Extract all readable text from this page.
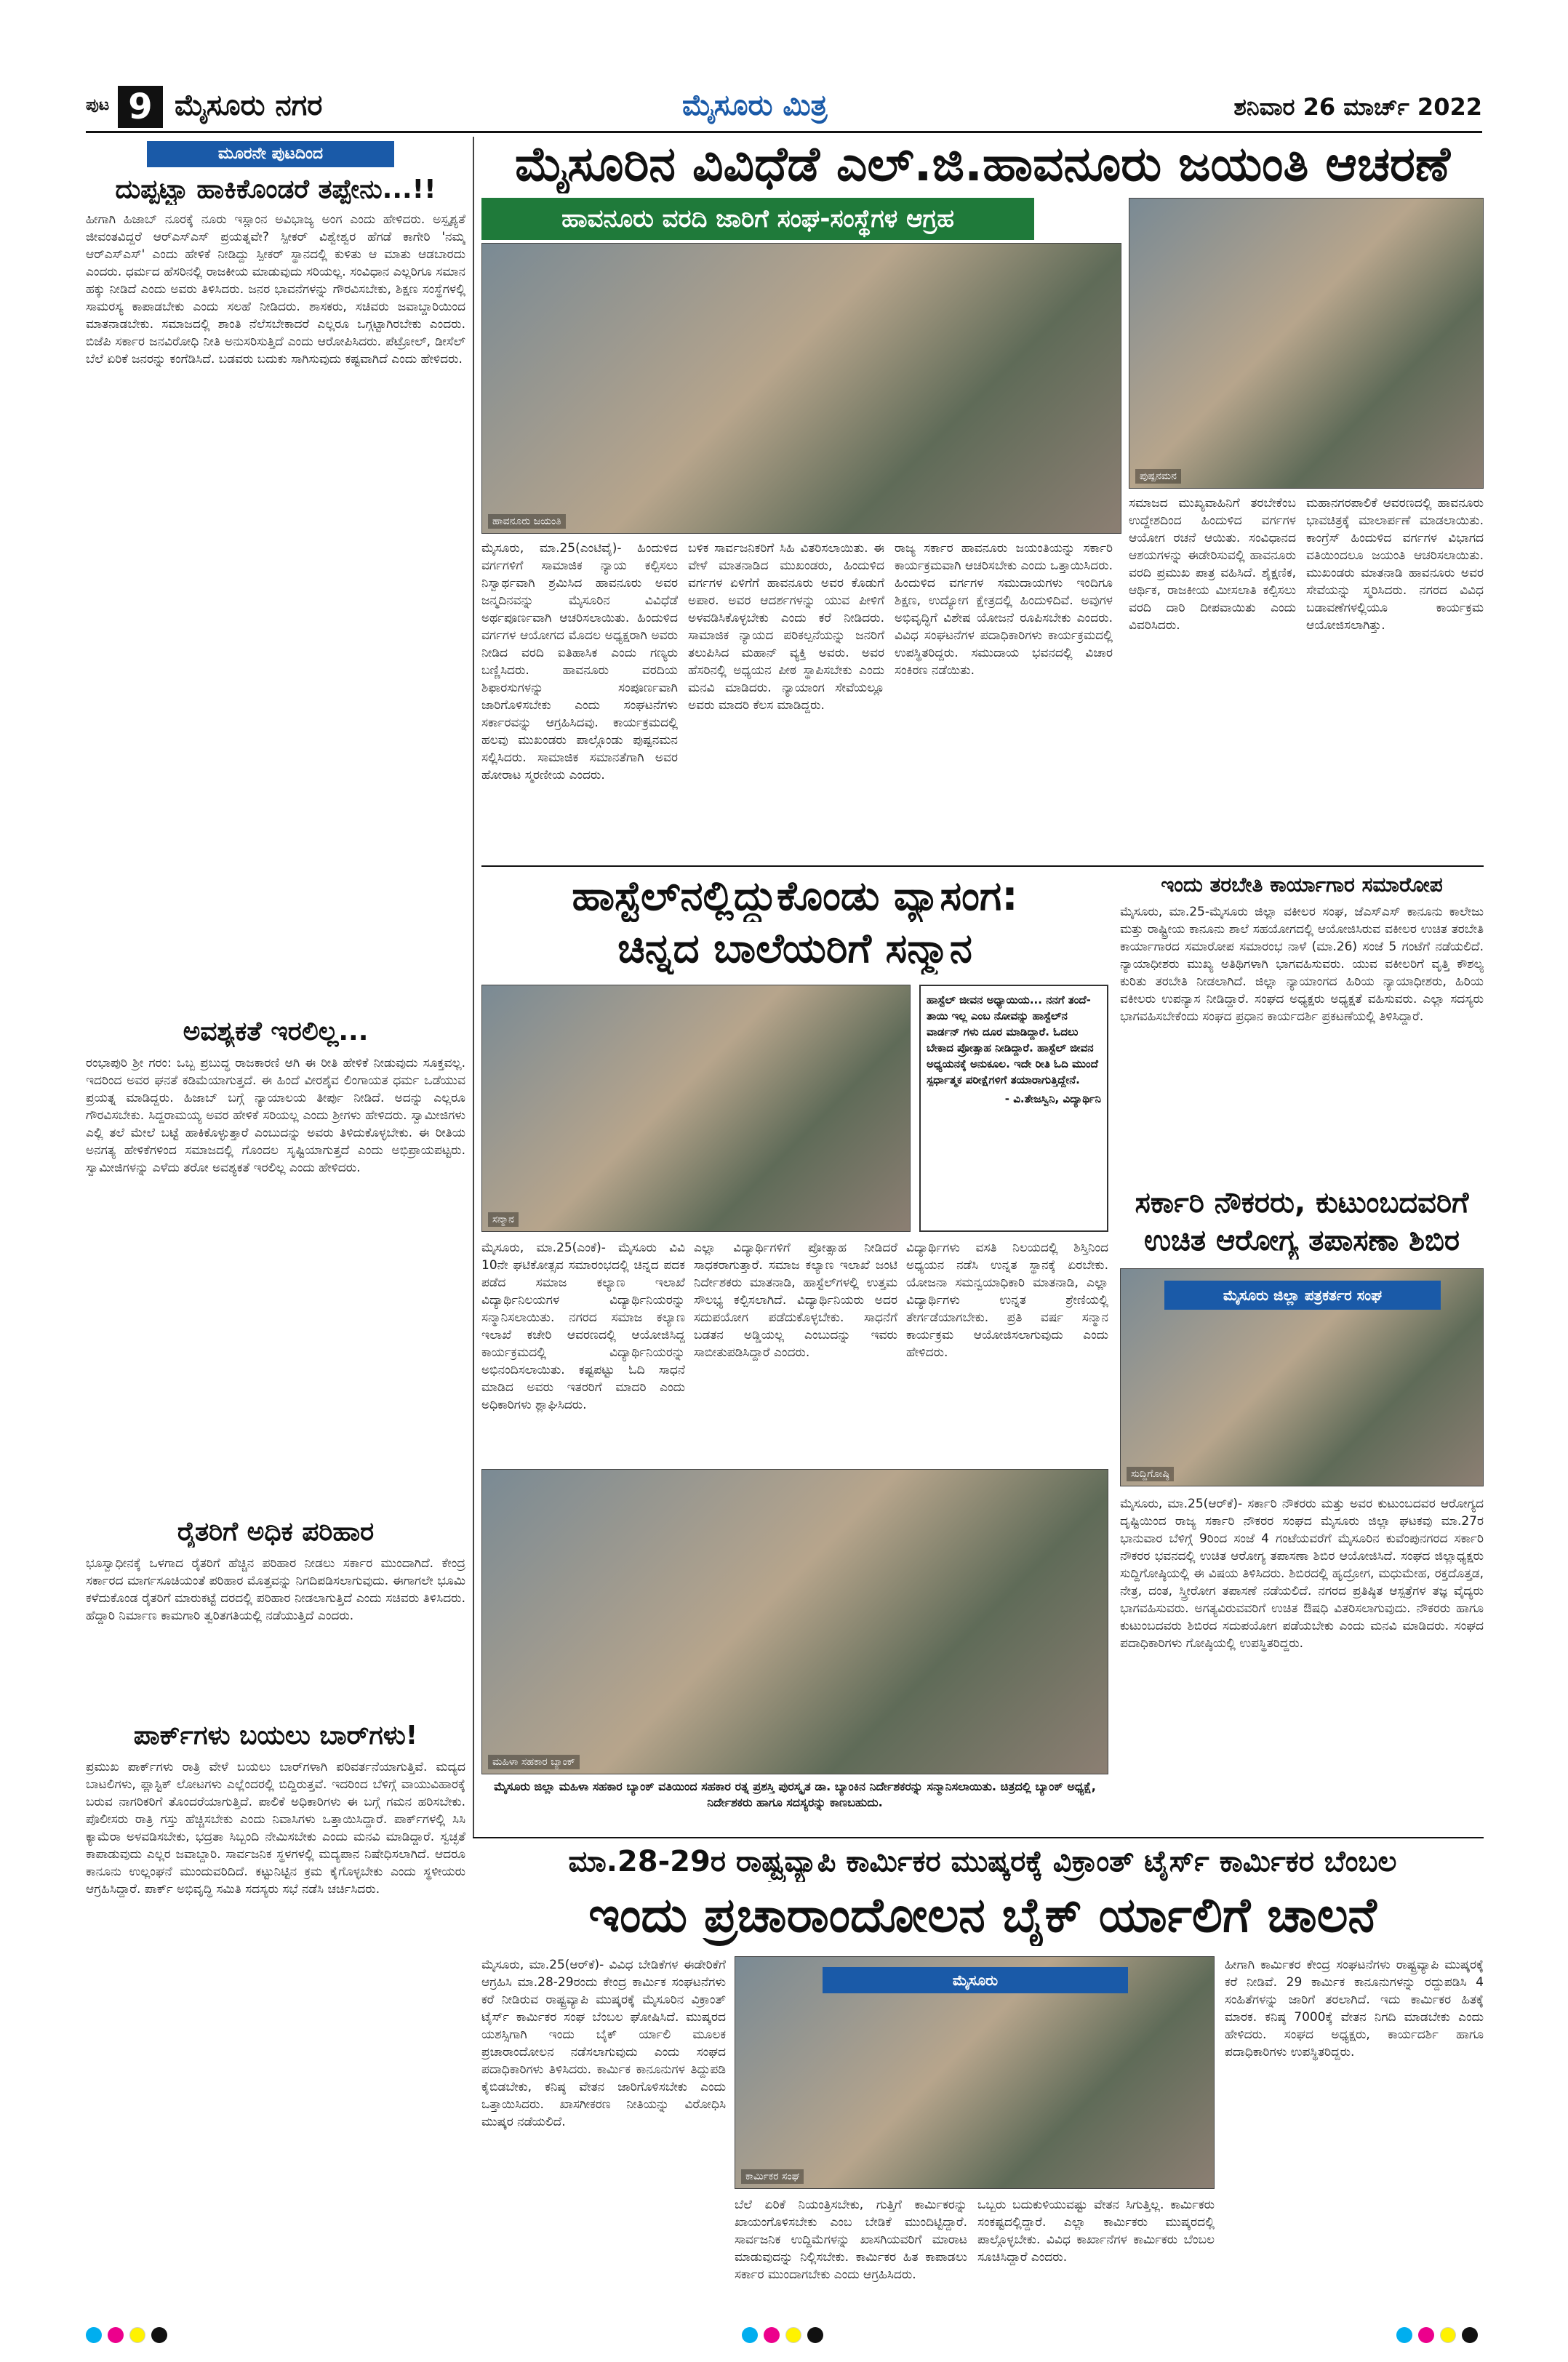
ಪುಟ 9 ಮೈಸೂರು ನಗರ	ಮೈಸೂರು ಮಿತ್ರ	ಶನಿವಾರ 26 ಮಾರ್ಚ್ 2022
ಮೂರನೇ ಪುಟದಿಂದ
ದುಪ್ಪಟ್ಟಾ ಹಾಕಿಕೊಂಡರೆ ತಪ್ಪೇನು...!!
ಹೀಗಾಗಿ ಹಿಜಾಬ್ ನೂರಕ್ಕೆ ನೂರು ಇಸ್ಲಾಂನ ಅವಿಭಾಜ್ಯ ಅಂಗ ಎಂದು ಹೇಳಿದರು. ಅಸ್ಪೃಶ್ಯತೆ ಜೀವಂತವಿದ್ದರೆ ಆರ್‌ಎಸ್‌ಎಸ್ ಪ್ರಯತ್ನವೇ? ಸ್ಪೀಕರ್ ವಿಶ್ವೇಶ್ವರ ಹೆಗಡೆ ಕಾಗೇರಿ 'ನಮ್ಮ ಆರ್‌ಎಸ್‌ಎಸ್' ಎಂದು ಹೇಳಿಕೆ ನೀಡಿದ್ದು ಸ್ಪೀಕರ್ ಸ್ಥಾನದಲ್ಲಿ ಕುಳಿತು ಆ ಮಾತು ಆಡಬಾರದು ಎಂದರು. ಧರ್ಮದ ಹೆಸರಿನಲ್ಲಿ ರಾಜಕೀಯ ಮಾಡುವುದು ಸರಿಯಲ್ಲ. ಸಂವಿಧಾನ ಎಲ್ಲರಿಗೂ ಸಮಾನ ಹಕ್ಕು ನೀಡಿದೆ ಎಂದು ಅವರು ತಿಳಿಸಿದರು. ಜನರ ಭಾವನೆಗಳನ್ನು ಗೌರವಿಸಬೇಕು, ಶಿಕ್ಷಣ ಸಂಸ್ಥೆಗಳಲ್ಲಿ ಸಾಮರಸ್ಯ ಕಾಪಾಡಬೇಕು ಎಂದು ಸಲಹೆ ನೀಡಿದರು. ಶಾಸಕರು, ಸಚಿವರು ಜವಾಬ್ದಾರಿಯಿಂದ ಮಾತನಾಡಬೇಕು. ಸಮಾಜದಲ್ಲಿ ಶಾಂತಿ ನೆಲೆಸಬೇಕಾದರೆ ಎಲ್ಲರೂ ಒಗ್ಗಟ್ಟಾಗಿರಬೇಕು ಎಂದರು. ಬಿಜೆಪಿ ಸರ್ಕಾರ ಜನವಿರೋಧಿ ನೀತಿ ಅನುಸರಿಸುತ್ತಿದೆ ಎಂದು ಆರೋಪಿಸಿದರು. ಪೆಟ್ರೋಲ್, ಡೀಸೆಲ್ ಬೆಲೆ ಏರಿಕೆ ಜನರನ್ನು ಕಂಗೆಡಿಸಿದೆ. ಬಡವರು ಬದುಕು ಸಾಗಿಸುವುದು ಕಷ್ಟವಾಗಿದೆ ಎಂದು ಹೇಳಿದರು.
ಅವಶ್ಯಕತೆ ಇರಲಿಲ್ಲ...
ರಂಭಾಪುರಿ ಶ್ರೀ ಗರಂ: ಒಬ್ಬ ಪ್ರಬುದ್ಧ ರಾಜಕಾರಣಿ ಆಗಿ ಈ ರೀತಿ ಹೇಳಿಕೆ ನೀಡುವುದು ಸೂಕ್ತವಲ್ಲ. ಇದರಿಂದ ಅವರ ಘನತೆ ಕಡಿಮೆಯಾಗುತ್ತದೆ. ಈ ಹಿಂದೆ ವೀರಶೈವ ಲಿಂಗಾಯತ ಧರ್ಮ ಒಡೆಯುವ ಪ್ರಯತ್ನ ಮಾಡಿದ್ದರು. ಹಿಜಾಬ್ ಬಗ್ಗೆ ನ್ಯಾಯಾಲಯ ತೀರ್ಪು ನೀಡಿದೆ. ಅದನ್ನು ಎಲ್ಲರೂ ಗೌರವಿಸಬೇಕು. ಸಿದ್ದರಾಮಯ್ಯ ಅವರ ಹೇಳಿಕೆ ಸರಿಯಲ್ಲ ಎಂದು ಶ್ರೀಗಳು ಹೇಳಿದರು. ಸ್ವಾಮೀಜಿಗಳು ಎಲ್ಲಿ ತಲೆ ಮೇಲೆ ಬಟ್ಟೆ ಹಾಕಿಕೊಳ್ಳುತ್ತಾರೆ ಎಂಬುದನ್ನು ಅವರು ತಿಳಿದುಕೊಳ್ಳಬೇಕು. ಈ ರೀತಿಯ ಅನಗತ್ಯ ಹೇಳಿಕೆಗಳಿಂದ ಸಮಾಜದಲ್ಲಿ ಗೊಂದಲ ಸೃಷ್ಟಿಯಾಗುತ್ತದೆ ಎಂದು ಅಭಿಪ್ರಾಯಪಟ್ಟರು. ಸ್ವಾಮೀಜಿಗಳನ್ನು ಎಳೆದು ತರೋ ಅವಶ್ಯಕತೆ ಇರಲಿಲ್ಲ ಎಂದು ಹೇಳಿದರು.
ರೈತರಿಗೆ ಅಧಿಕ ಪರಿಹಾರ
ಭೂಸ್ವಾಧೀನಕ್ಕೆ ಒಳಗಾದ ರೈತರಿಗೆ ಹೆಚ್ಚಿನ ಪರಿಹಾರ ನೀಡಲು ಸರ್ಕಾರ ಮುಂದಾಗಿದೆ. ಕೇಂದ್ರ ಸರ್ಕಾರದ ಮಾರ್ಗಸೂಚಿಯಂತೆ ಪರಿಹಾರ ಮೊತ್ತವನ್ನು ನಿಗದಿಪಡಿಸಲಾಗುವುದು. ಈಗಾಗಲೇ ಭೂಮಿ ಕಳೆದುಕೊಂಡ ರೈತರಿಗೆ ಮಾರುಕಟ್ಟೆ ದರದಲ್ಲಿ ಪರಿಹಾರ ನೀಡಲಾಗುತ್ತಿದೆ ಎಂದು ಸಚಿವರು ತಿಳಿಸಿದರು. ಹೆದ್ದಾರಿ ನಿರ್ಮಾಣ ಕಾಮಗಾರಿ ತ್ವರಿತಗತಿಯಲ್ಲಿ ನಡೆಯುತ್ತಿದೆ ಎಂದರು.
ಪಾರ್ಕ್‌ಗಳು ಬಯಲು ಬಾರ್‌ಗಳು!
ಪ್ರಮುಖ ಪಾರ್ಕ್‌ಗಳು ರಾತ್ರಿ ವೇಳೆ ಬಯಲು ಬಾರ್‌ಗಳಾಗಿ ಪರಿವರ್ತನೆಯಾಗುತ್ತಿವೆ. ಮದ್ಯದ ಬಾಟಲಿಗಳು, ಪ್ಲಾಸ್ಟಿಕ್ ಲೋಟಗಳು ಎಲ್ಲೆಂದರಲ್ಲಿ ಬಿದ್ದಿರುತ್ತವೆ. ಇದರಿಂದ ಬೆಳಿಗ್ಗೆ ವಾಯುವಿಹಾರಕ್ಕೆ ಬರುವ ನಾಗರಿಕರಿಗೆ ತೊಂದರೆಯಾಗುತ್ತಿದೆ. ಪಾಲಿಕೆ ಅಧಿಕಾರಿಗಳು ಈ ಬಗ್ಗೆ ಗಮನ ಹರಿಸಬೇಕು. ಪೊಲೀಸರು ರಾತ್ರಿ ಗಸ್ತು ಹೆಚ್ಚಿಸಬೇಕು ಎಂದು ನಿವಾಸಿಗಳು ಒತ್ತಾಯಿಸಿದ್ದಾರೆ. ಪಾರ್ಕ್‌ಗಳಲ್ಲಿ ಸಿಸಿ ಕ್ಯಾಮೆರಾ ಅಳವಡಿಸಬೇಕು, ಭದ್ರತಾ ಸಿಬ್ಬಂದಿ ನೇಮಿಸಬೇಕು ಎಂದು ಮನವಿ ಮಾಡಿದ್ದಾರೆ. ಸ್ವಚ್ಛತೆ ಕಾಪಾಡುವುದು ಎಲ್ಲರ ಜವಾಬ್ದಾರಿ. ಸಾರ್ವಜನಿಕ ಸ್ಥಳಗಳಲ್ಲಿ ಮದ್ಯಪಾನ ನಿಷೇಧಿಸಲಾಗಿದೆ. ಆದರೂ ಕಾನೂನು ಉಲ್ಲಂಘನೆ ಮುಂದುವರಿದಿದೆ. ಕಟ್ಟುನಿಟ್ಟಿನ ಕ್ರಮ ಕೈಗೊಳ್ಳಬೇಕು ಎಂದು ಸ್ಥಳೀಯರು ಆಗ್ರಹಿಸಿದ್ದಾರೆ. ಪಾರ್ಕ್ ಅಭಿವೃದ್ಧಿ ಸಮಿತಿ ಸದಸ್ಯರು ಸಭೆ ನಡೆಸಿ ಚರ್ಚಿಸಿದರು.
ಮೈಸೂರಿನ ವಿವಿಧೆಡೆ ಎಲ್.ಜಿ.ಹಾವನೂರು ಜಯಂತಿ ಆಚರಣೆ
ಹಾವನೂರು ವರದಿ ಜಾರಿಗೆ ಸಂಘ-ಸಂಸ್ಥೆಗಳ ಆಗ್ರಹ
ಹಾವನೂರು ಜಯಂತಿ
ಪುಷ್ಪನಮನ
ಮೈಸೂರು, ಮಾ.25(ಎಂಟಿವೈ)- ಹಿಂದುಳಿದ ವರ್ಗಗಳಿಗೆ ಸಾಮಾಜಿಕ ನ್ಯಾಯ ಕಲ್ಪಿಸಲು ನಿಸ್ವಾರ್ಥವಾಗಿ ಶ್ರಮಿಸಿದ ಹಾವನೂರು ಅವರ ಜನ್ಮದಿನವನ್ನು ಮೈಸೂರಿನ ವಿವಿಧೆಡೆ ಅರ್ಥಪೂರ್ಣವಾಗಿ ಆಚರಿಸಲಾಯಿತು. ಹಿಂದುಳಿದ ವರ್ಗಗಳ ಆಯೋಗದ ಮೊದಲ ಅಧ್ಯಕ್ಷರಾಗಿ ಅವರು ನೀಡಿದ ವರದಿ ಐತಿಹಾಸಿಕ ಎಂದು ಗಣ್ಯರು ಬಣ್ಣಿಸಿದರು. ಹಾವನೂರು ವರದಿಯ ಶಿಫಾರಸುಗಳನ್ನು ಸಂಪೂರ್ಣವಾಗಿ ಜಾರಿಗೊಳಿಸಬೇಕು ಎಂದು ಸಂಘಟನೆಗಳು ಸರ್ಕಾರವನ್ನು ಆಗ್ರಹಿಸಿದವು. ಕಾರ್ಯಕ್ರಮದಲ್ಲಿ ಹಲವು ಮುಖಂಡರು ಪಾಲ್ಗೊಂಡು ಪುಷ್ಪನಮನ ಸಲ್ಲಿಸಿದರು. ಸಾಮಾಜಿಕ ಸಮಾನತೆಗಾಗಿ ಅವರ ಹೋರಾಟ ಸ್ಮರಣೀಯ ಎಂದರು.
ಬಳಿಕ ಸಾರ್ವಜನಿಕರಿಗೆ ಸಿಹಿ ವಿತರಿಸಲಾಯಿತು. ಈ ವೇಳೆ ಮಾತನಾಡಿದ ಮುಖಂಡರು, ಹಿಂದುಳಿದ ವರ್ಗಗಳ ಏಳಿಗೆಗೆ ಹಾವನೂರು ಅವರ ಕೊಡುಗೆ ಅಪಾರ. ಅವರ ಆದರ್ಶಗಳನ್ನು ಯುವ ಪೀಳಿಗೆ ಅಳವಡಿಸಿಕೊಳ್ಳಬೇಕು ಎಂದು ಕರೆ ನೀಡಿದರು. ಸಾಮಾಜಿಕ ನ್ಯಾಯದ ಪರಿಕಲ್ಪನೆಯನ್ನು ಜನರಿಗೆ ತಲುಪಿಸಿದ ಮಹಾನ್ ವ್ಯಕ್ತಿ ಅವರು. ಅವರ ಹೆಸರಿನಲ್ಲಿ ಅಧ್ಯಯನ ಪೀಠ ಸ್ಥಾಪಿಸಬೇಕು ಎಂದು ಮನವಿ ಮಾಡಿದರು. ನ್ಯಾಯಾಂಗ ಸೇವೆಯಲ್ಲೂ ಅವರು ಮಾದರಿ ಕೆಲಸ ಮಾಡಿದ್ದರು.
ರಾಜ್ಯ ಸರ್ಕಾರ ಹಾವನೂರು ಜಯಂತಿಯನ್ನು ಸರ್ಕಾರಿ ಕಾರ್ಯಕ್ರಮವಾಗಿ ಆಚರಿಸಬೇಕು ಎಂದು ಒತ್ತಾಯಿಸಿದರು. ಹಿಂದುಳಿದ ವರ್ಗಗಳ ಸಮುದಾಯಗಳು ಇಂದಿಗೂ ಶಿಕ್ಷಣ, ಉದ್ಯೋಗ ಕ್ಷೇತ್ರದಲ್ಲಿ ಹಿಂದುಳಿದಿವೆ. ಅವುಗಳ ಅಭಿವೃದ್ಧಿಗೆ ವಿಶೇಷ ಯೋಜನೆ ರೂಪಿಸಬೇಕು ಎಂದರು. ವಿವಿಧ ಸಂಘಟನೆಗಳ ಪದಾಧಿಕಾರಿಗಳು ಕಾರ್ಯಕ್ರಮದಲ್ಲಿ ಉಪಸ್ಥಿತರಿದ್ದರು. ಸಮುದಾಯ ಭವನದಲ್ಲಿ ವಿಚಾರ ಸಂಕಿರಣ ನಡೆಯಿತು.
ಸಮಾಜದ ಮುಖ್ಯವಾಹಿನಿಗೆ ತರಬೇಕೆಂಬ ಉದ್ದೇಶದಿಂದ ಹಿಂದುಳಿದ ವರ್ಗಗಳ ಆಯೋಗ ರಚನೆ ಆಯಿತು. ಸಂವಿಧಾನದ ಆಶಯಗಳನ್ನು ಈಡೇರಿಸುವಲ್ಲಿ ಹಾವನೂರು ವರದಿ ಪ್ರಮುಖ ಪಾತ್ರ ವಹಿಸಿದೆ. ಶೈಕ್ಷಣಿಕ, ಆರ್ಥಿಕ, ರಾಜಕೀಯ ಮೀಸಲಾತಿ ಕಲ್ಪಿಸಲು ವರದಿ ದಾರಿ ದೀಪವಾಯಿತು ಎಂದು ವಿವರಿಸಿದರು.
ಮಹಾನಗರಪಾಲಿಕೆ ಆವರಣದಲ್ಲಿ ಹಾವನೂರು ಭಾವಚಿತ್ರಕ್ಕೆ ಮಾಲಾರ್ಪಣೆ ಮಾಡಲಾಯಿತು. ಕಾಂಗ್ರೆಸ್ ಹಿಂದುಳಿದ ವರ್ಗಗಳ ವಿಭಾಗದ ವತಿಯಿಂದಲೂ ಜಯಂತಿ ಆಚರಿಸಲಾಯಿತು. ಮುಖಂಡರು ಮಾತನಾಡಿ ಹಾವನೂರು ಅವರ ಸೇವೆಯನ್ನು ಸ್ಮರಿಸಿದರು. ನಗರದ ವಿವಿಧ ಬಡಾವಣೆಗಳಲ್ಲಿಯೂ ಕಾರ್ಯಕ್ರಮ ಆಯೋಜಿಸಲಾಗಿತ್ತು.
ಹಾಸ್ಟೆಲ್‌ನಲ್ಲಿದ್ದುಕೊಂಡು ವ್ಯಾಸಂಗ:
ಚಿನ್ನದ ಬಾಲೆಯರಿಗೆ ಸನ್ಮಾನ
ಸನ್ಮಾನ
ಹಾಸ್ಟೆಲ್ ಜೀವನ ಅಧ್ಯಾಯಿಯ... ನನಗೆ ತಂದೆ-ತಾಯಿ ಇಲ್ಲ ಎಂಬ ನೋವನ್ನು ಹಾಸ್ಟೆಲ್‌ನ ವಾರ್ಡನ್ ಗಳು ದೂರ ಮಾಡಿದ್ದಾರೆ. ಓದಲು ಬೇಕಾದ ಪ್ರೋತ್ಸಾಹ ನೀಡಿದ್ದಾರೆ. ಹಾಸ್ಟೆಲ್ ಜೀವನ ಅಧ್ಯಯನಕ್ಕೆ ಅನುಕೂಲ. ಇದೇ ರೀತಿ ಓದಿ ಮುಂದೆ ಸ್ಪರ್ಧಾತ್ಮಕ ಪರೀಕ್ಷೆಗಳಿಗೆ ತಯಾರಾಗುತ್ತಿದ್ದೇನೆ.
- ವಿ.ತೇಜಸ್ವಿನಿ, ವಿದ್ಯಾರ್ಥಿನಿ
ಮೈಸೂರು, ಮಾ.25(ಎಂಕೆ)- ಮೈಸೂರು ವಿವಿ 10ನೇ ಘಟಿಕೋತ್ಸವ ಸಮಾರಂಭದಲ್ಲಿ ಚಿನ್ನದ ಪದಕ ಪಡೆದ ಸಮಾಜ ಕಲ್ಯಾಣ ಇಲಾಖೆ ವಿದ್ಯಾರ್ಥಿನಿಲಯಗಳ ವಿದ್ಯಾರ್ಥಿನಿಯರನ್ನು ಸನ್ಮಾನಿಸಲಾಯಿತು. ನಗರದ ಸಮಾಜ ಕಲ್ಯಾಣ ಇಲಾಖೆ ಕಚೇರಿ ಆವರಣದಲ್ಲಿ ಆಯೋಜಿಸಿದ್ದ ಕಾರ್ಯಕ್ರಮದಲ್ಲಿ ವಿದ್ಯಾರ್ಥಿನಿಯರನ್ನು ಅಭಿನಂದಿಸಲಾಯಿತು. ಕಷ್ಟಪಟ್ಟು ಓದಿ ಸಾಧನೆ ಮಾಡಿದ ಅವರು ಇತರರಿಗೆ ಮಾದರಿ ಎಂದು ಅಧಿಕಾರಿಗಳು ಶ್ಲಾಘಿಸಿದರು.
ಎಲ್ಲಾ ವಿದ್ಯಾರ್ಥಿಗಳಿಗೆ ಪ್ರೋತ್ಸಾಹ ನೀಡಿದರೆ ಸಾಧಕರಾಗುತ್ತಾರೆ. ಸಮಾಜ ಕಲ್ಯಾಣ ಇಲಾಖೆ ಜಂಟಿ ನಿರ್ದೇಶಕರು ಮಾತನಾಡಿ, ಹಾಸ್ಟೆಲ್‌ಗಳಲ್ಲಿ ಉತ್ತಮ ಸೌಲಭ್ಯ ಕಲ್ಪಿಸಲಾಗಿದೆ. ವಿದ್ಯಾರ್ಥಿನಿಯರು ಅದರ ಸದುಪಯೋಗ ಪಡೆದುಕೊಳ್ಳಬೇಕು. ಸಾಧನೆಗೆ ಬಡತನ ಅಡ್ಡಿಯಲ್ಲ ಎಂಬುದನ್ನು ಇವರು ಸಾಬೀತುಪಡಿಸಿದ್ದಾರೆ ಎಂದರು.
ವಿದ್ಯಾರ್ಥಿಗಳು ವಸತಿ ನಿಲಯದಲ್ಲಿ ಶಿಸ್ತಿನಿಂದ ಅಧ್ಯಯನ ನಡೆಸಿ ಉನ್ನತ ಸ್ಥಾನಕ್ಕೆ ಏರಬೇಕು. ಯೋಜನಾ ಸಮನ್ವಯಾಧಿಕಾರಿ ಮಾತನಾಡಿ, ಎಲ್ಲಾ ವಿದ್ಯಾರ್ಥಿಗಳು ಉನ್ನತ ಶ್ರೇಣಿಯಲ್ಲಿ ತೇರ್ಗಡೆಯಾಗಬೇಕು. ಪ್ರತಿ ವರ್ಷ ಸನ್ಮಾನ ಕಾರ್ಯಕ್ರಮ ಆಯೋಜಿಸಲಾಗುವುದು ಎಂದು ಹೇಳಿದರು.
ಇಂದು ತರಬೇತಿ ಕಾರ್ಯಾಗಾರ ಸಮಾರೋಪ
ಮೈಸೂರು, ಮಾ.25-ಮೈಸೂರು ಜಿಲ್ಲಾ ವಕೀಲರ ಸಂಘ, ಜೆಎಸ್‌ಎಸ್ ಕಾನೂನು ಕಾಲೇಜು ಮತ್ತು ರಾಷ್ಟ್ರೀಯ ಕಾನೂನು ಶಾಲೆ ಸಹಯೋಗದಲ್ಲಿ ಆಯೋಜಿಸಿರುವ ವಕೀಲರ ಉಚಿತ ತರಬೇತಿ ಕಾರ್ಯಾಗಾರದ ಸಮಾರೋಪ ಸಮಾರಂಭ ನಾಳೆ (ಮಾ.26) ಸಂಜೆ 5 ಗಂಟೆಗೆ ನಡೆಯಲಿದೆ. ನ್ಯಾಯಾಧೀಶರು ಮುಖ್ಯ ಅತಿಥಿಗಳಾಗಿ ಭಾಗವಹಿಸುವರು. ಯುವ ವಕೀಲರಿಗೆ ವೃತ್ತಿ ಕೌಶಲ್ಯ ಕುರಿತು ತರಬೇತಿ ನೀಡಲಾಗಿದೆ. ಜಿಲ್ಲಾ ನ್ಯಾಯಾಂಗದ ಹಿರಿಯ ನ್ಯಾಯಾಧೀಶರು, ಹಿರಿಯ ವಕೀಲರು ಉಪನ್ಯಾಸ ನೀಡಿದ್ದಾರೆ. ಸಂಘದ ಅಧ್ಯಕ್ಷರು ಅಧ್ಯಕ್ಷತೆ ವಹಿಸುವರು. ಎಲ್ಲಾ ಸದಸ್ಯರು ಭಾಗವಹಿಸಬೇಕೆಂದು ಸಂಘದ ಪ್ರಧಾನ ಕಾರ್ಯದರ್ಶಿ ಪ್ರಕಟಣೆಯಲ್ಲಿ ತಿಳಿಸಿದ್ದಾರೆ.
ಸರ್ಕಾರಿ ನೌಕರರು, ಕುಟುಂಬದವರಿಗೆ
ಉಚಿತ ಆರೋಗ್ಯ ತಪಾಸಣಾ ಶಿಬಿರ
ಮೈಸೂರು ಜಿಲ್ಲಾ ಪತ್ರಕರ್ತರ ಸಂಘ
ಸುದ್ದಿಗೋಷ್ಠಿ
ಮೈಸೂರು, ಮಾ.25(ಆರ್‌ಕೆ)- ಸರ್ಕಾರಿ ನೌಕರರು ಮತ್ತು ಅವರ ಕುಟುಂಬದವರ ಆರೋಗ್ಯದ ದೃಷ್ಟಿಯಿಂದ ರಾಜ್ಯ ಸರ್ಕಾರಿ ನೌಕರರ ಸಂಘದ ಮೈಸೂರು ಜಿಲ್ಲಾ ಘಟಕವು ಮಾ.27ರ ಭಾನುವಾರ ಬೆಳಿಗ್ಗೆ 9ರಿಂದ ಸಂಜೆ 4 ಗಂಟೆಯವರೆಗೆ ಮೈಸೂರಿನ ಕುವೆಂಪುನಗರದ ಸರ್ಕಾರಿ ನೌಕರರ ಭವನದಲ್ಲಿ ಉಚಿತ ಆರೋಗ್ಯ ತಪಾಸಣಾ ಶಿಬಿರ ಆಯೋಜಿಸಿದೆ. ಸಂಘದ ಜಿಲ್ಲಾಧ್ಯಕ್ಷರು ಸುದ್ದಿಗೋಷ್ಠಿಯಲ್ಲಿ ಈ ವಿಷಯ ತಿಳಿಸಿದರು. ಶಿಬಿರದಲ್ಲಿ ಹೃದ್ರೋಗ, ಮಧುಮೇಹ, ರಕ್ತದೊತ್ತಡ, ನೇತ್ರ, ದಂತ, ಸ್ತ್ರೀರೋಗ ತಪಾಸಣೆ ನಡೆಯಲಿದೆ. ನಗರದ ಪ್ರತಿಷ್ಠಿತ ಆಸ್ಪತ್ರೆಗಳ ತಜ್ಞ ವೈದ್ಯರು ಭಾಗವಹಿಸುವರು. ಅಗತ್ಯವಿರುವವರಿಗೆ ಉಚಿತ ಔಷಧಿ ವಿತರಿಸಲಾಗುವುದು. ನೌಕರರು ಹಾಗೂ ಕುಟುಂಬದವರು ಶಿಬಿರದ ಸದುಪಯೋಗ ಪಡೆಯಬೇಕು ಎಂದು ಮನವಿ ಮಾಡಿದರು. ಸಂಘದ ಪದಾಧಿಕಾರಿಗಳು ಗೋಷ್ಠಿಯಲ್ಲಿ ಉಪಸ್ಥಿತರಿದ್ದರು.
ಮಹಿಳಾ ಸಹಕಾರ ಬ್ಯಾಂಕ್
ಮೈಸೂರು ಜಿಲ್ಲಾ ಮಹಿಳಾ ಸಹಕಾರ ಬ್ಯಾಂಕ್ ವತಿಯಿಂದ ಸಹಕಾರ ರತ್ನ ಪ್ರಶಸ್ತಿ ಪುರಸ್ಕೃತ ಡಾ. ಬ್ಯಾಂಕಿನ ನಿರ್ದೇಶಕರನ್ನು ಸನ್ಮಾನಿಸಲಾಯಿತು. ಚಿತ್ರದಲ್ಲಿ ಬ್ಯಾಂಕ್ ಅಧ್ಯಕ್ಷೆ, ನಿರ್ದೇಶಕರು ಹಾಗೂ ಸದಸ್ಯರನ್ನು ಕಾಣಬಹುದು.
ಮಾ.28-29ರ ರಾಷ್ಟ್ರವ್ಯಾಪಿ ಕಾರ್ಮಿಕರ ಮುಷ್ಕರಕ್ಕೆ ವಿಕ್ರಾಂತ್ ಟೈರ್ಸ್ ಕಾರ್ಮಿಕರ ಬೆಂಬಲ
ಇಂದು ಪ್ರಚಾರಾಂದೋಲನ ಬೈಕ್ ರ್ಯಾಲಿಗೆ ಚಾಲನೆ
ಮೈಸೂರು, ಮಾ.25(ಆರ್‌ಕೆ)- ವಿವಿಧ ಬೇಡಿಕೆಗಳ ಈಡೇರಿಕೆಗೆ ಆಗ್ರಹಿಸಿ ಮಾ.28-29ರಂದು ಕೇಂದ್ರ ಕಾರ್ಮಿಕ ಸಂಘಟನೆಗಳು ಕರೆ ನೀಡಿರುವ ರಾಷ್ಟ್ರವ್ಯಾಪಿ ಮುಷ್ಕರಕ್ಕೆ ಮೈಸೂರಿನ ವಿಕ್ರಾಂತ್ ಟೈರ್ಸ್ ಕಾರ್ಮಿಕರ ಸಂಘ ಬೆಂಬಲ ಘೋಷಿಸಿದೆ. ಮುಷ್ಕರದ ಯಶಸ್ಸಿಗಾಗಿ ಇಂದು ಬೈಕ್ ರ್ಯಾಲಿ ಮೂಲಕ ಪ್ರಚಾರಾಂದೋಲನ ನಡೆಸಲಾಗುವುದು ಎಂದು ಸಂಘದ ಪದಾಧಿಕಾರಿಗಳು ತಿಳಿಸಿದರು. ಕಾರ್ಮಿಕ ಕಾನೂನುಗಳ ತಿದ್ದುಪಡಿ ಕೈಬಿಡಬೇಕು, ಕನಿಷ್ಠ ವೇತನ ಜಾರಿಗೊಳಿಸಬೇಕು ಎಂದು ಒತ್ತಾಯಿಸಿದರು. ಖಾಸಗೀಕರಣ ನೀತಿಯನ್ನು ವಿರೋಧಿಸಿ ಮುಷ್ಕರ ನಡೆಯಲಿದೆ.
ಮೈಸೂರು
ಕಾರ್ಮಿಕರ ಸಂಘ
ಬೆಲೆ ಏರಿಕೆ ನಿಯಂತ್ರಿಸಬೇಕು, ಗುತ್ತಿಗೆ ಕಾರ್ಮಿಕರನ್ನು ಖಾಯಂಗೊಳಿಸಬೇಕು ಎಂಬ ಬೇಡಿಕೆ ಮುಂದಿಟ್ಟಿದ್ದಾರೆ. ಸಾರ್ವಜನಿಕ ಉದ್ದಿಮೆಗಳನ್ನು ಖಾಸಗಿಯವರಿಗೆ ಮಾರಾಟ ಮಾಡುವುದನ್ನು ನಿಲ್ಲಿಸಬೇಕು. ಕಾರ್ಮಿಕರ ಹಿತ ಕಾಪಾಡಲು ಸರ್ಕಾರ ಮುಂದಾಗಬೇಕು ಎಂದು ಆಗ್ರಹಿಸಿದರು.
ಒಬ್ಬರು ಬದುಕುಳಿಯುವಷ್ಟು ವೇತನ ಸಿಗುತ್ತಿಲ್ಲ. ಕಾರ್ಮಿಕರು ಸಂಕಷ್ಟದಲ್ಲಿದ್ದಾರೆ. ಎಲ್ಲಾ ಕಾರ್ಮಿಕರು ಮುಷ್ಕರದಲ್ಲಿ ಪಾಲ್ಗೊಳ್ಳಬೇಕು. ವಿವಿಧ ಕಾರ್ಖಾನೆಗಳ ಕಾರ್ಮಿಕರು ಬೆಂಬಲ ಸೂಚಿಸಿದ್ದಾರೆ ಎಂದರು.
ಹೀಗಾಗಿ ಕಾರ್ಮಿಕರ ಕೇಂದ್ರ ಸಂಘಟನೆಗಳು ರಾಷ್ಟ್ರವ್ಯಾಪಿ ಮುಷ್ಕರಕ್ಕೆ ಕರೆ ನೀಡಿವೆ. 29 ಕಾರ್ಮಿಕ ಕಾನೂನುಗಳನ್ನು ರದ್ದುಪಡಿಸಿ 4 ಸಂಹಿತೆಗಳನ್ನು ಜಾರಿಗೆ ತರಲಾಗಿದೆ. ಇದು ಕಾರ್ಮಿಕರ ಹಿತಕ್ಕೆ ಮಾರಕ. ಕನಿಷ್ಠ 7000ಕ್ಕೆ ವೇತನ ನಿಗದಿ ಮಾಡಬೇಕು ಎಂದು ಹೇಳಿದರು. ಸಂಘದ ಅಧ್ಯಕ್ಷರು, ಕಾರ್ಯದರ್ಶಿ ಹಾಗೂ ಪದಾಧಿಕಾರಿಗಳು ಉಪಸ್ಥಿತರಿದ್ದರು.
